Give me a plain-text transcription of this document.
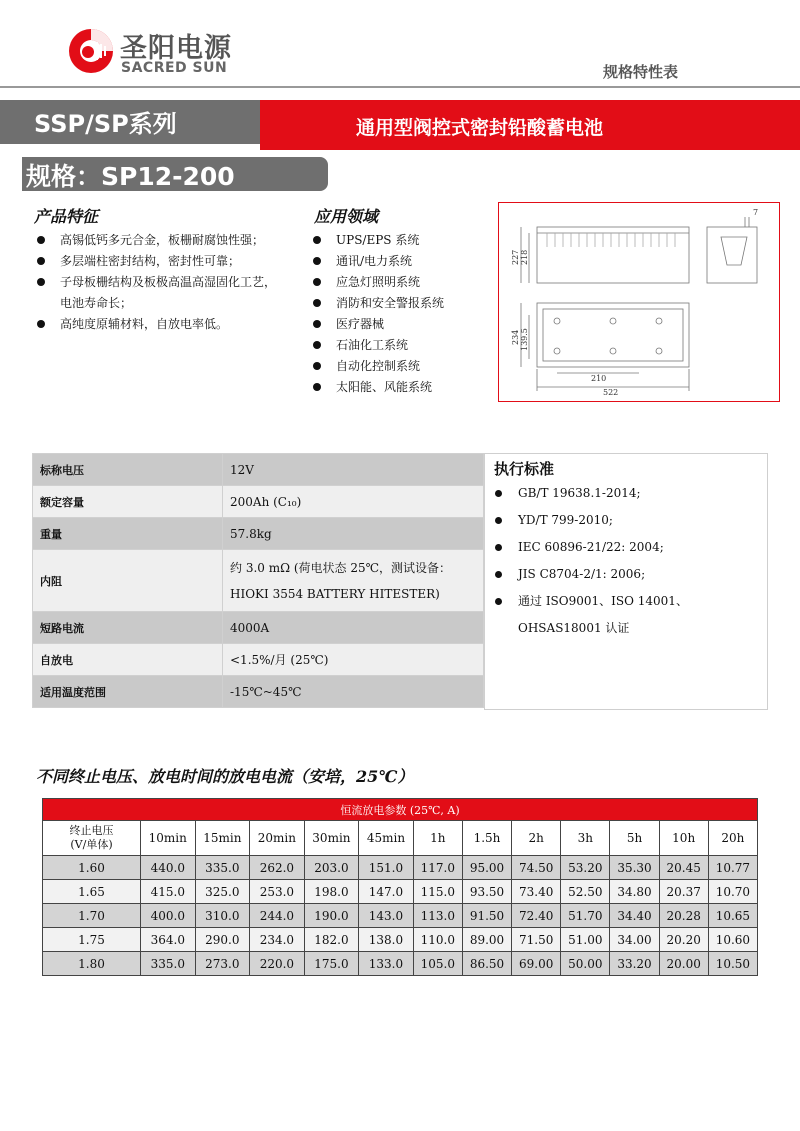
圣阳电源
SACRED SUN	规格特性表
SSP/SP系列	通用型阀控式密封铅酸蓄电池
规格：SP12-200
产品特征
高锡低钙多元合金，板栅耐腐蚀性强；
多层端柱密封结构，密封性可靠；
子母板栅结构及板极高温高湿固化工艺，电池寿命长；
高纯度原辅材料，自放电率低。
应用领域
UPS/EPS 系统
通讯/电力系统
应急灯照明系统
消防和安全警报系统
医疗器械
石油化工系统
自动化控制系统
太阳能、风能系统
227 218
7
234 139.5
210
522
标称电压	12V
额定容量	200Ah (C₁₀)
重量	57.8kg
内阻	约 3.0 mΩ (荷电状态 25℃，测试设备：
HIOKI 3554 BATTERY HITESTER)

短路电流	4000A
自放电	<1.5%/月 (25℃)
适用温度范围	-15℃~45℃
执行标准
GB/T 19638.1-2014;
YD/T 799-2010;
IEC 60896-21/22: 2004;
JIS C8704-2/1: 2006;
通过 ISO9001、ISO 14001、OHSAS18001 认证
不同终止电压、放电时间的放电电流（安培，25℃）
恒流放电参数 (25℃, A)												
终止电压
(V/单体)	10min	15min	20min	30min	45min	1h	1.5h	2h	3h	5h	10h	20h
1.60	440.0	335.0	262.0	203.0	151.0	117.0	95.00	74.50	53.20	35.30	20.45	10.77
1.65	415.0	325.0	253.0	198.0	147.0	115.0	93.50	73.40	52.50	34.80	20.37	10.70
1.70	400.0	310.0	244.0	190.0	143.0	113.0	91.50	72.40	51.70	34.40	20.28	10.65
1.75	364.0	290.0	234.0	182.0	138.0	110.0	89.00	71.50	51.00	34.00	20.20	10.60
1.80	335.0	273.0	220.0	175.0	133.0	105.0	86.50	69.00	50.00	33.20	20.00	10.50
